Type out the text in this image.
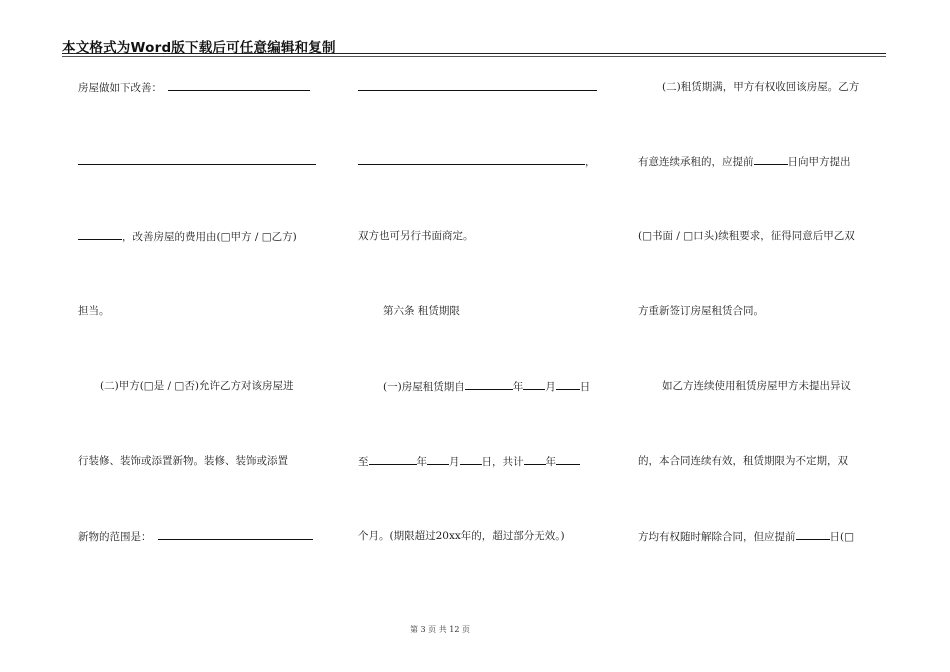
本文格式为Word版下载后可任意编辑和复制
房屋做如下改善：
，改善房屋的费用由(□甲方 / □乙方)
担当。
(二)甲方(□是 / □否)允许乙方对该房屋进
行装修、装饰或添置新物。装修、装饰或添置
新物的范围是：
，
双方也可另行书面商定。
第六条 租赁期限
(一)房屋租赁期自	年 月 日
至	年 月 日，共计 年
个月。(期限超过20xx年的，超过部分无效。)
(二)租赁期满，甲方有权收回该房屋。乙方
有意连续承租的，应提前	日向甲方提出
(□书面 / □口头)续租要求，征得同意后甲乙双
方重新签订房屋租赁合同。
如乙方连续使用租赁房屋甲方未提出异议
的，本合同连续有效，租赁期限为不定期，双
方均有权随时解除合同，但应提前	日(□
第 3 页 共 12 页
